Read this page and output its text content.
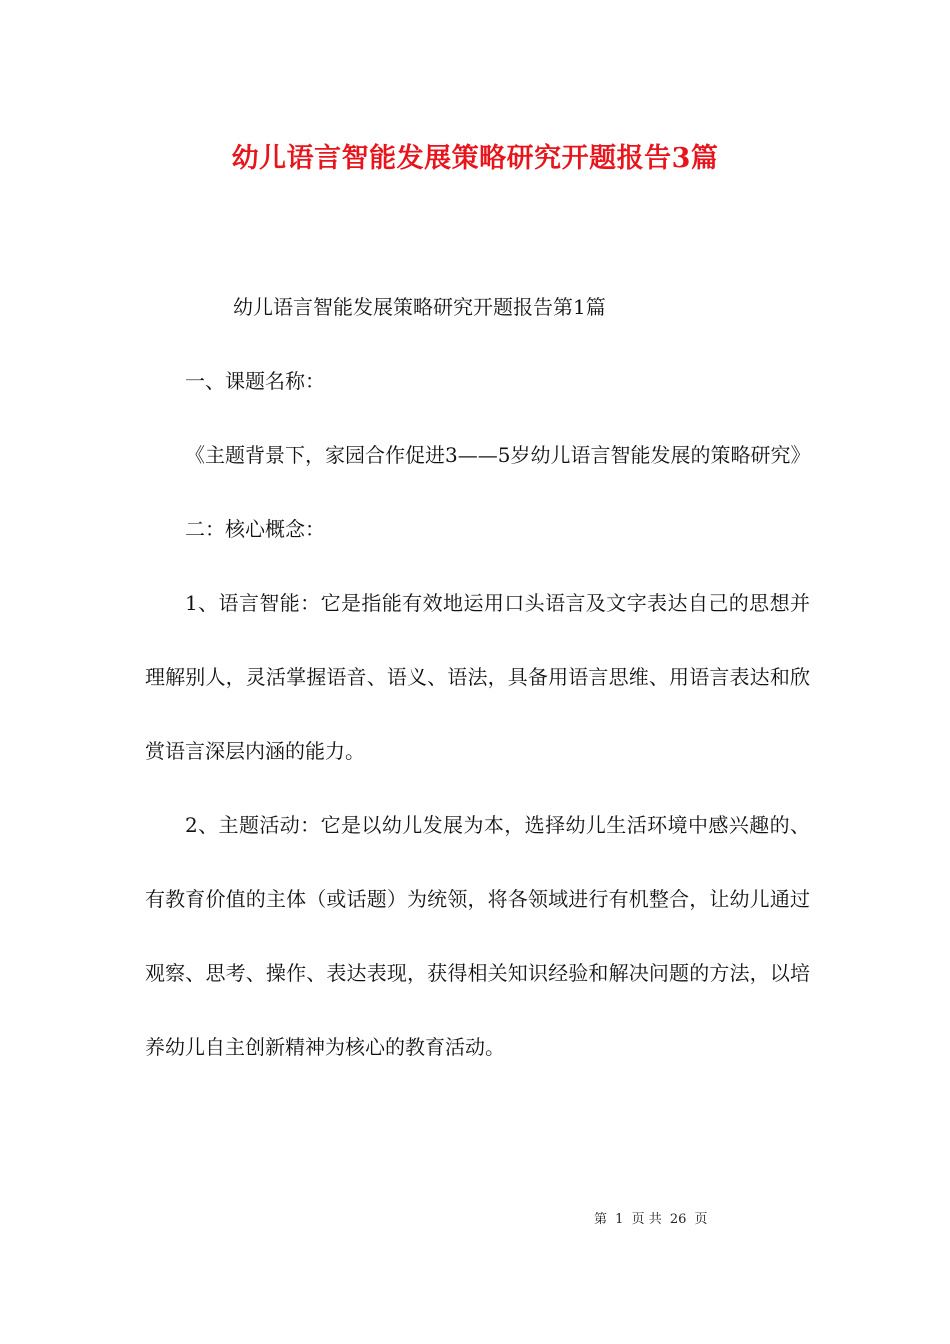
幼儿语言智能发展策略研究开题报告3篇

幼儿语言智能发展策略研究开题报告第1篇

一、课题名称：

《主题背景下，家园合作促进3——5岁幼儿语言智能发展的策略研究》

二：核心概念：

1、语言智能：它是指能有效地运用口头语言及文字表达自己的思想并理解别人，灵活掌握语音、语义、语法，具备用语言思维、用语言表达和欣赏语言深层内涵的能力。

2、主题活动：它是以幼儿发展为本，选择幼儿生活环境中感兴趣的、有教育价值的主体（或话题）为统领，将各领域进行有机整合，让幼儿通过观察、思考、操作、表达表现，获得相关知识经验和解决问题的方法，以培养幼儿自主创新精神为核心的教育活动。

第 1 页 共 26 页
